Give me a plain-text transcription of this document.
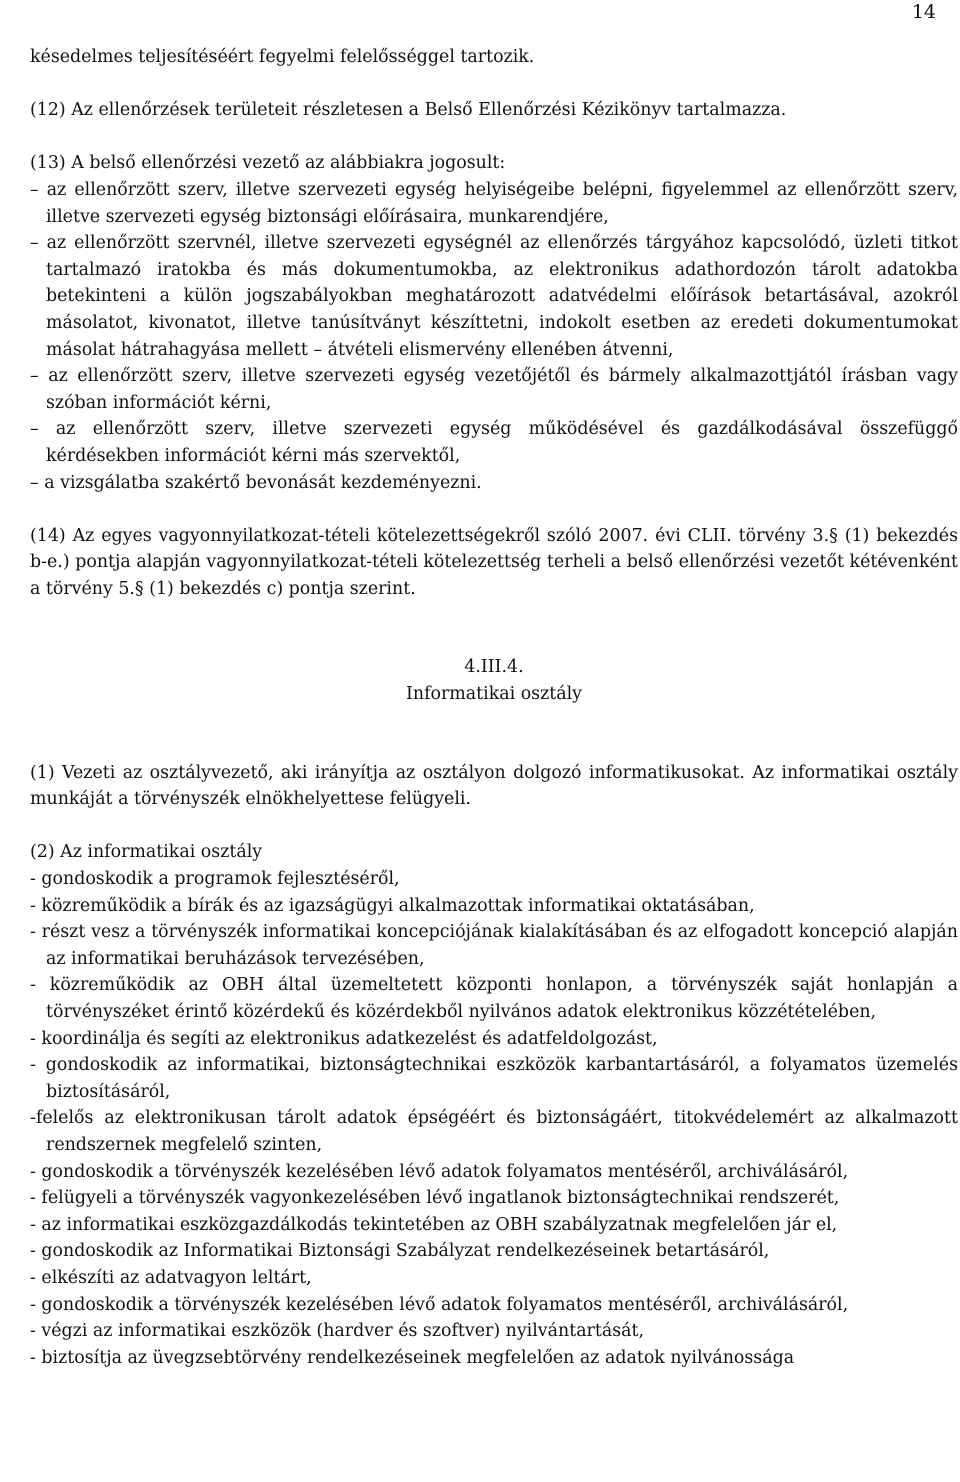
14

késedelmes teljesítéséért fegyelmi felelősséggel tartozik.

(12) Az ellenőrzések területeit részletesen a Belső Ellenőrzési Kézikönyv tartalmazza.

(13) A belső ellenőrzési vezető az alábbiakra jogosult:

– az ellenőrzött szerv, illetve szervezeti egység helyiségeibe belépni, figyelemmel az ellenőrzött szerv, illetve szervezeti egység biztonsági előírásaira, munkarendjére,

– az ellenőrzött szervnél, illetve szervezeti egységnél az ellenőrzés tárgyához kapcsolódó, üzleti titkot tartalmazó iratokba és más dokumentumokba, az elektronikus adathordozón tárolt adatokba betekinteni a külön jogszabályokban meghatározott adatvédelmi előírások betartásával, azokról másolatot, kivonatot, illetve tanúsítványt készíttetni, indokolt esetben az eredeti dokumentumokat másolat hátrahagyása mellett – átvételi elismervény ellenében átvenni,

– az ellenőrzött szerv, illetve szervezeti egység vezetőjétől és bármely alkalmazottjától írásban vagy szóban információt kérni,

– az ellenőrzött szerv, illetve szervezeti egység működésével és gazdálkodásával összefüggő kérdésekben információt kérni más szervektől,

– a vizsgálatba szakértő bevonását kezdeményezni.

(14) Az egyes vagyonnyilatkozat-tételi kötelezettségekről szóló 2007. évi CLII. törvény 3.§ (1) bekezdés b-e.) pontja alapján vagyonnyilatkozat-tételi kötelezettség terheli a belső ellenőrzési vezetőt kétévenként a törvény 5.§ (1) bekezdés c) pontja szerint.

4.III.4.
Informatikai osztály

(1) Vezeti az osztályvezető, aki irányítja az osztályon dolgozó informatikusokat. Az informatikai osztály munkáját a törvényszék elnökhelyettese felügyeli.

(2) Az informatikai osztály

- gondoskodik a programok fejlesztéséről,

- közreműködik a bírák és az igazságügyi alkalmazottak informatikai oktatásában,

- részt vesz a törvényszék informatikai koncepciójának kialakításában és az elfogadott koncepció alapján az informatikai beruházások tervezésében,

- közreműködik az OBH által üzemeltetett központi honlapon, a törvényszék saját honlapján a törvényszéket érintő közérdekű és közérdekből nyilvános adatok elektronikus közzétételében,

- koordinálja és segíti az elektronikus adatkezelést és adatfeldolgozást,

- gondoskodik az informatikai, biztonságtechnikai eszközök karbantartásáról, a folyamatos üzemelés biztosításáról,

-felelős az elektronikusan tárolt adatok épségéért és biztonságáért, titokvédelemért az alkalmazott rendszernek megfelelő szinten,

- gondoskodik a törvényszék kezelésében lévő adatok folyamatos mentéséről, archiválásáról,

- felügyeli a törvényszék vagyonkezelésében lévő ingatlanok biztonságtechnikai rendszerét,

- az informatikai eszközgazdálkodás tekintetében az OBH szabályzatnak megfelelően jár el,

- gondoskodik az Informatikai Biztonsági Szabályzat rendelkezéseinek betartásáról,

- elkészíti az adatvagyon leltárt,

- gondoskodik a törvényszék kezelésében lévő adatok folyamatos mentéséről, archiválásáról,

- végzi az informatikai eszközök (hardver és szoftver) nyilvántartását,

- biztosítja az üvegzsebtörvény rendelkezéseinek megfelelően az adatok nyilvánossága
